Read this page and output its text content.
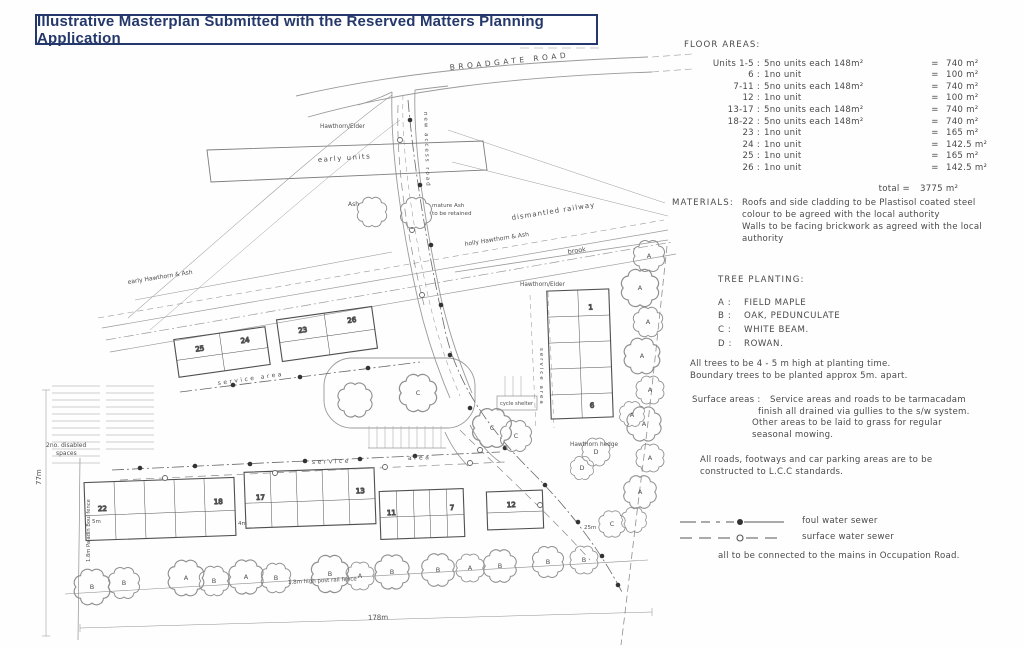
25
24
23
26
1
6
22
18
17
13
11
7	12
B	B
A	B	A	B	B	A	B	B	A	B	B	B
A
A
A
A
A
A
A
A
A
C
C
C
C
D
D
BROADGATE ROAD
early units	new access road
dismantled railway
brook
holly Hawthorn & Ash
early Hawthorn & Ash
Hawthorn/Elder
Hawthorn/Elder
Hawthorn hedge
Ash	mature Ash
to be retained
service area
service	area
service area
2no. disabled
spaces
cycle shelter
1.8m Paladin Boul fence
1.8m high post rail fence
77m
178m
5m	4m
25m
Illustrative Masterplan Submitted with the Reserved Matters Planning Application	FLOOR AREAS:
Units 1-5 : 5no units each 148m²	= 740 m²
6 : 1no unit	= 100 m²
7-11 : 5no units each 148m²	= 740 m²
12 : 1no unit	= 100 m²
13-17 : 5no units each 148m²	= 740 m²
18-22 : 5no units each 148m²	= 740 m²
23 : 1no unit	= 165 m²
24 : 1no unit	= 142.5 m²
25 : 1no unit	= 165 m²
26 : 1no unit	= 142.5 m²
total =	3775 m²
MATERIALS: Roofs and side cladding to be Plastisol coated steel
colour to be agreed with the local authority
Walls to be facing brickwork as agreed with the local authority
TREE PLANTING:
A :	FIELD MAPLE
B :	OAK, PEDUNCULATE
C :	WHITE BEAM.
D :	ROWAN.
All trees to be 4 - 5 m high at planting time.
Boundary trees to be planted approx 5m. apart.
Surface areas :	Service areas and roads to be tarmacadam
finish all drained via gullies to the s/w system.
Other areas to be laid to grass for regular
seasonal mowing.
All roads, footways and car parking areas are to be
constructed to L.C.C standards.
foul water sewer
surface water sewer
all to be connected to the mains in Occupation Road.
